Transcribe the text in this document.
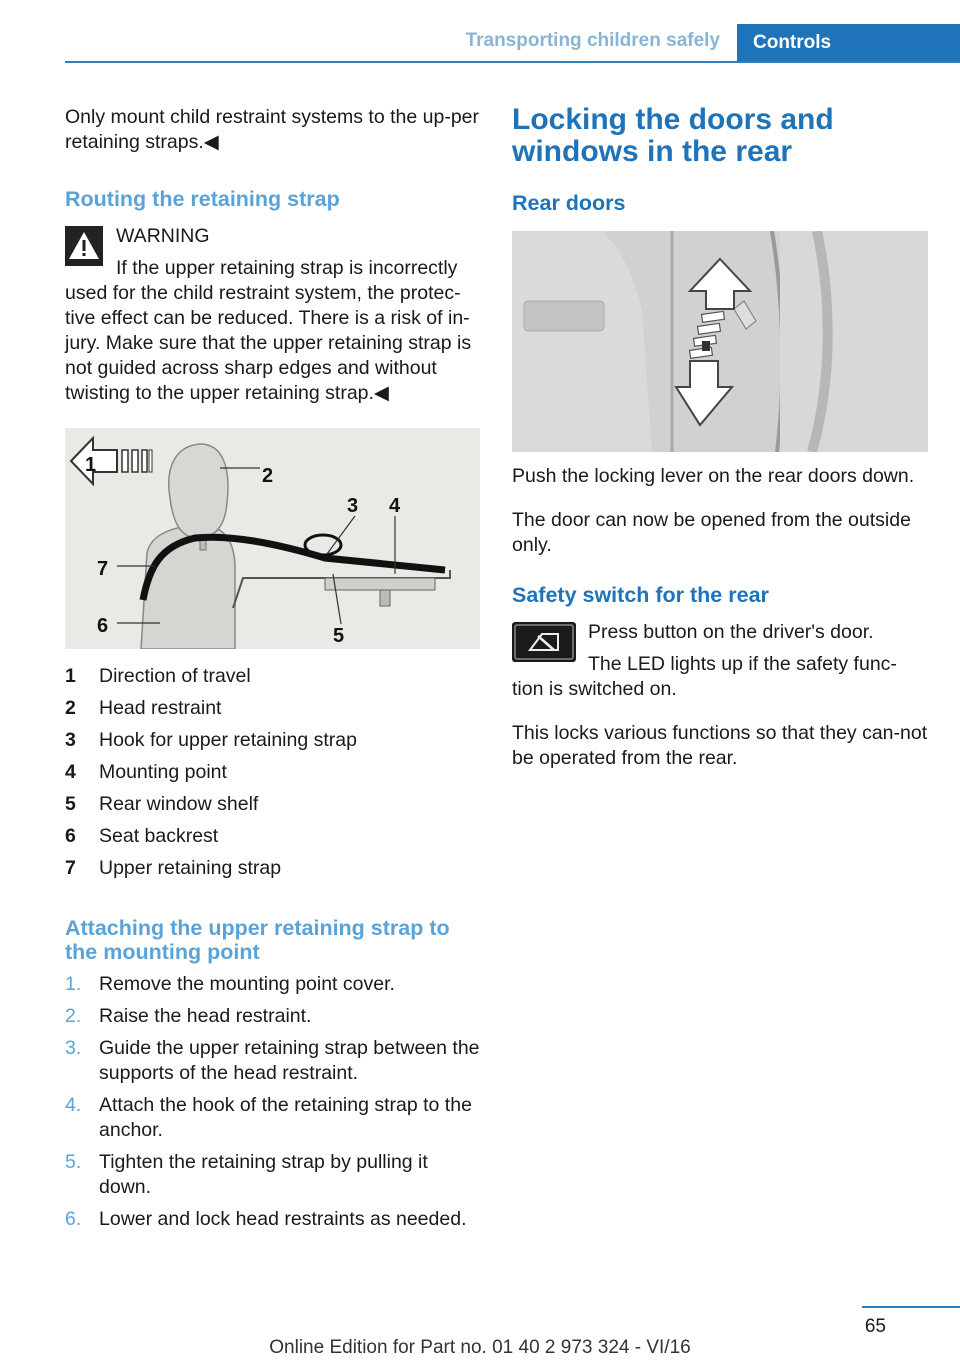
Transporting children safely	Controls

Only mount child restraint systems to the up-per retaining straps.◀

Routing the retaining strap

WARNING

If the upper retaining strap is incorrectly

used for the child restraint system, the protec-tive effect can be reduced. There is a risk of in-jury. Make sure that the upper retaining strap is not guided across sharp edges and without twisting to the upper retaining strap.◀

1	2
3 4
5
6
7
1	Direction of travel
2	Head restraint
3	Hook for upper retaining strap
4	Mounting point
5	Rear window shelf
6	Seat backrest
7	Upper retaining strap
Attaching the upper retaining strap to the mounting point
1. Remove the mounting point cover.
2. Raise the head restraint.
3. Guide the upper retaining strap between the supports of the head restraint.
4. Attach the hook of the retaining strap to the anchor.
5. Tighten the retaining strap by pulling it down.
6. Lower and lock head restraints as needed.
Locking the doors and windows in the rear
Rear doors

Push the locking lever on the rear doors down.

The door can now be opened from the outside only.

Safety switch for the rear

Press button on the driver's door.

The LED lights up if the safety func-

tion is switched on.

This locks various functions so that they can-not be operated from the rear.

65
Online Edition for Part no. 01 40 2 973 324 - VI/16
